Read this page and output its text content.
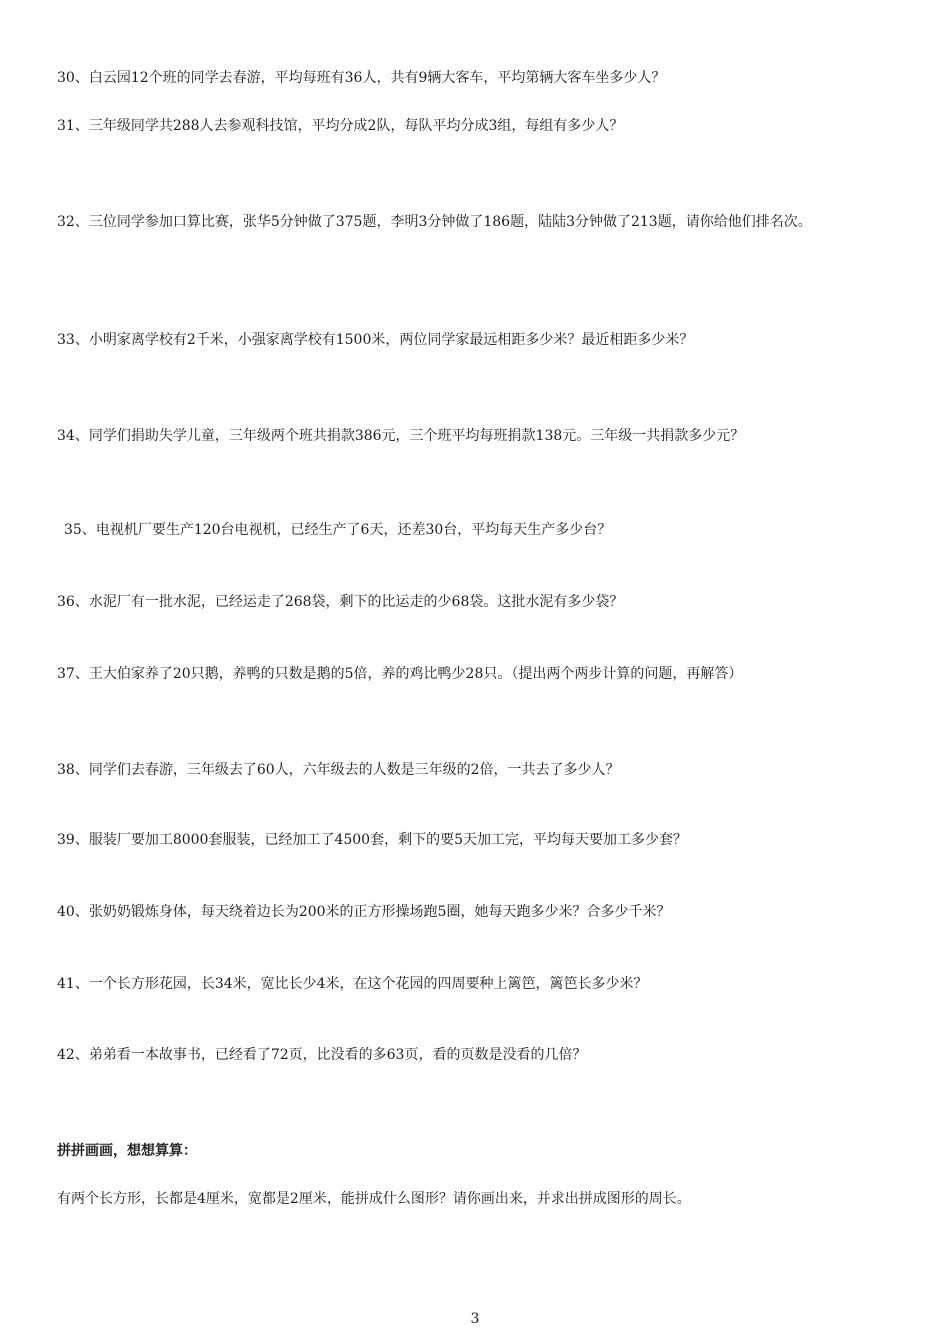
30、白云园12个班的同学去春游，平均每班有36人，共有9辆大客车，平均第辆大客车坐多少人？
31、三年级同学共288人去参观科技馆，平均分成2队，每队平均分成3组，每组有多少人？
32、三位同学参加口算比赛，张华5分钟做了375题，李明3分钟做了186题，陆陆3分钟做了213题，请你给他们排名次。
33、小明家离学校有2千米，小强家离学校有1500米，两位同学家最远相距多少米？最近相距多少米？
34、同学们捐助失学儿童，三年级两个班共捐款386元，三个班平均每班捐款138元。三年级一共捐款多少元？
35、电视机厂要生产120台电视机，已经生产了6天，还差30台，平均每天生产多少台？
36、水泥厂有一批水泥，已经运走了268袋，剩下的比运走的少68袋。这批水泥有多少袋？
37、王大伯家养了20只鹅，养鸭的只数是鹅的5倍，养的鸡比鸭少28只。（提出两个两步计算的问题，再解答）
38、同学们去春游，三年级去了60人，六年级去的人数是三年级的2倍，一共去了多少人？
39、服装厂要加工8000套服装，已经加工了4500套，剩下的要5天加工完，平均每天要加工多少套？
40、张奶奶锻炼身体，每天绕着边长为200米的正方形操场跑5圈，她每天跑多少米？合多少千米？
41、一个长方形花园，长34米，宽比长少4米，在这个花园的四周要种上篱笆，篱笆长多少米？
42、弟弟看一本故事书，已经看了72页，比没看的多63页，看的页数是没看的几倍？
拼拼画画，想想算算：
有两个长方形，长都是4厘米，宽都是2厘米，能拼成什么图形？请你画出来，并求出拼成图形的周长。
3
